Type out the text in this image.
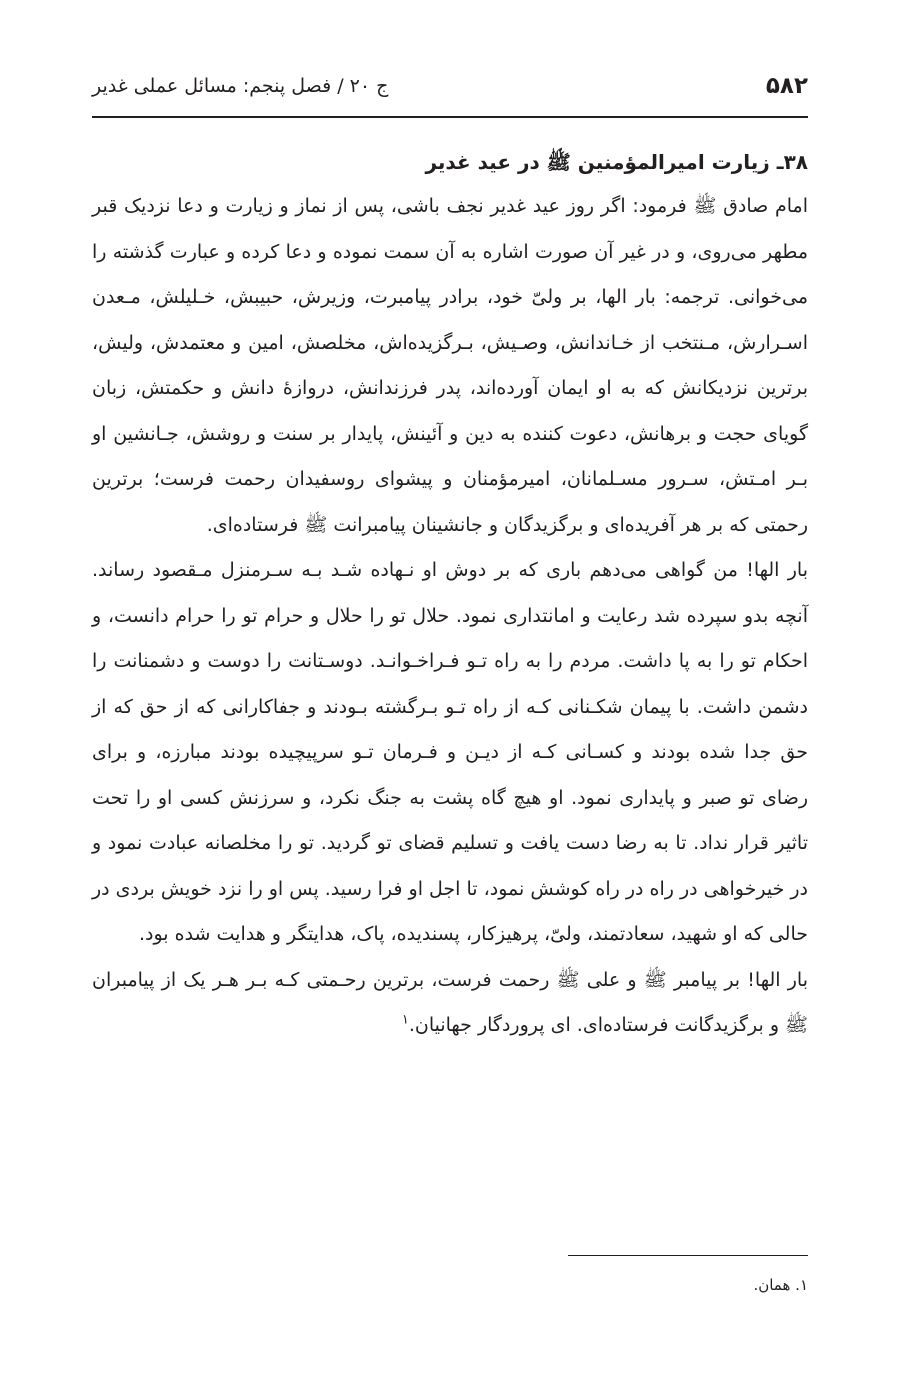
۵۸۲
ج ۲۰ / فصل پنجم: مسائل عملی غدیر
۳۸ـ زیارت امیرالمؤمنین ﷺ در عید غدیر

امام صادق ﷺ فرمود: اگر روز عید غدیر نجف باشی، پس از نماز و زیارت و دعا نزدیک قبر مطهر می‌روی، و در غیر آن صورت اشاره به آن سمت نموده و دعا کرده و عبارت گذشته را می‌خوانی. ترجمه: بار الها، بر ولیّ خود، برادر پیامبرت، وزیرش، حبیبش، خـلیلش، مـعدن اسـرارش، مـنتخب از خـاندانش، وصـیش، بـرگزیده‌اش، مخلصش، امین و معتمدش، ولیش، برترین نزدیکانش که به او ایمان آورده‌اند، پدر فرزندانش، دروازۀ دانش و حکمتش، زبان گویای حجت و برهانش، دعوت کننده به دین و آئینش، پایدار بر سنت و روشش، جـانشین او بـر امـتش، سـرور مسـلمانان، امیرمؤمنان و پیشوای روسفیدان رحمت فرست؛ برترین رحمتی که بر هر آفریده‌ای و برگزیدگان و جانشینان پیامبرانت ﷺ فرستاده‌ای.

بار الها! من گواهی می‌دهم باری که بر دوش او نـهاده شـد بـه سـرمنزل مـقصود رساند. آنچه بدو سپرده شد رعایت و امانتداری نمود. حلال تو را حلال و حرام تو را حرام دانست، و احکام تو را به پا داشت. مردم را به راه تـو فـراخـوانـد. دوسـتانت را دوست و دشمنانت را دشمن داشت. با پیمان شکـنانی کـه از راه تـو بـرگشته بـودند و جفاکارانی که از حق که از حق جدا شده بودند و کسـانی کـه از دیـن و فـرمان تـو سرپیچیده بودند مبارزه، و برای رضای تو صبر و پایداری نمود. او هیچ گاه پشت به جنگ نکرد، و سرزنش کسی او را تحت تاثیر قرار نداد. تا به رضا دست یافت و تسلیم قضای تو گردید. تو را مخلصانه عبادت نمود و در خیرخواهی در راه در راه کوشش نمود، تا اجل او فرا رسید. پس او را نزد خویش بردی در حالی که او شهید، سعادتمند، ولیّ، پرهیزکار، پسندیده، پاک، هدایتگر و هدایت شده بود.

بار الها! بر پیامبر ﷺ و علی ﷺ رحمت فرست، برترین رحـمتی کـه بـر هـر یک از پیامبران ﷺ و برگزیدگانت فرستاده‌ای. ای پروردگار جهانیان.$^۱$

۱. همان.
